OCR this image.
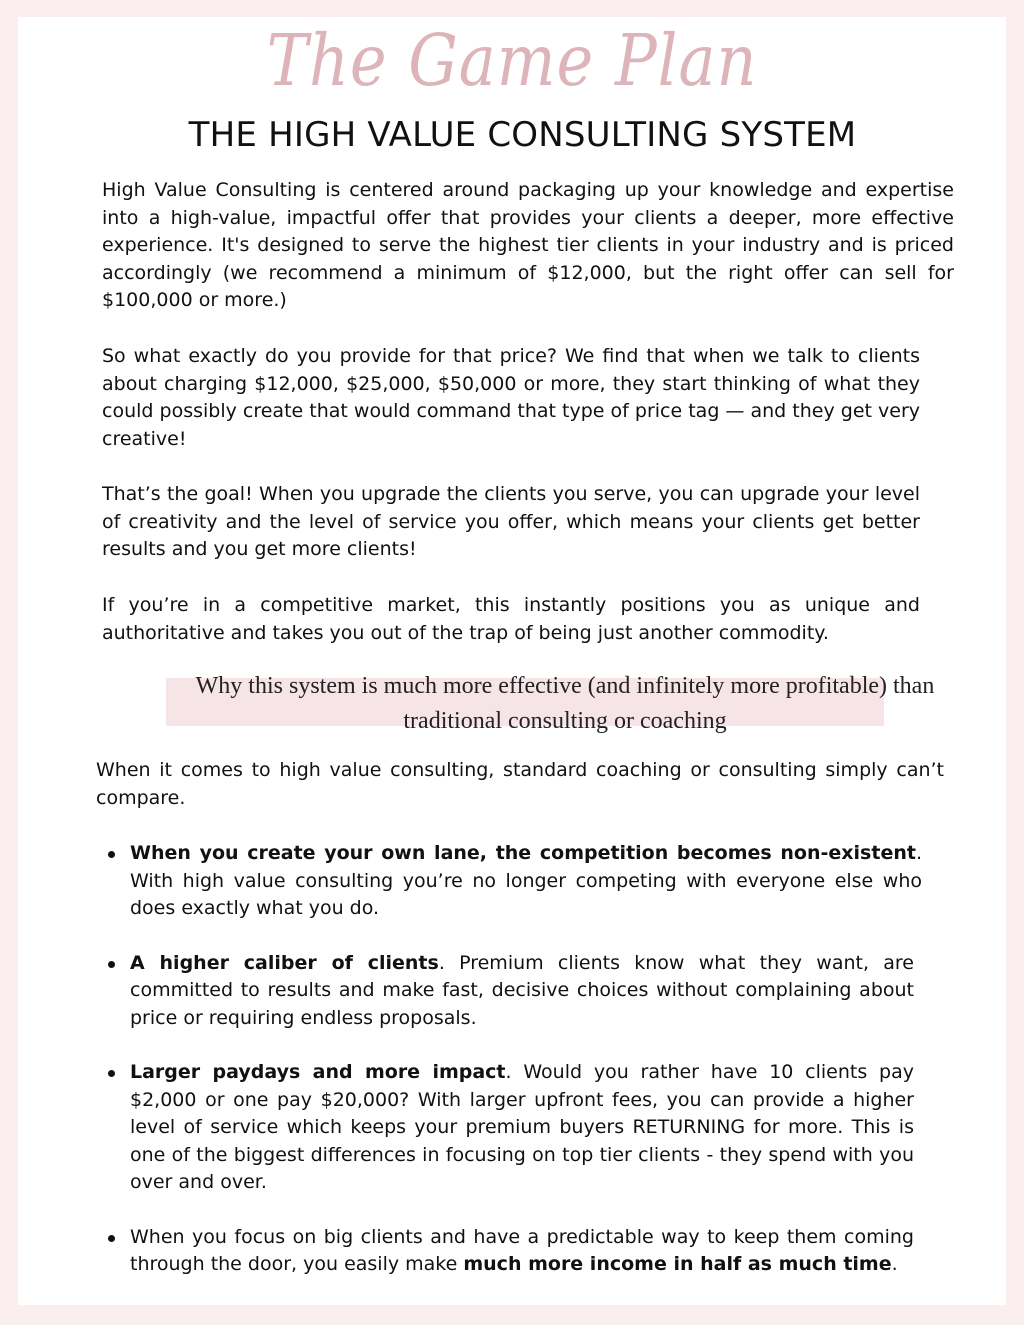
The Game Plan
THE HIGH VALUE CONSULTING SYSTEM
High Value Consulting is centered around packaging up your knowledge and expertise into a high-value, impactful offer that provides your clients a deeper, more effective experience. It's designed to serve the highest tier clients in your industry and is priced accordingly (we recommend a minimum of $12,000, but the right offer can sell for $100,000 or more.)
So what exactly do you provide for that price? We find that when we talk to clients about charging $12,000, $25,000, $50,000 or more, they start thinking of what they could possibly create that would command that type of price tag — and they get very creative!
That’s the goal! When you upgrade the clients you serve, you can upgrade your level of creativity and the level of service you offer, which means your clients get better results and you get more clients!
If you’re in a competitive market, this instantly positions you as unique and authoritative and takes you out of the trap of being just another commodity.
Why this system is much more effective (and infinitely more profitable) than traditional consulting or coaching
When it comes to high value consulting, standard coaching or consulting simply can’t compare.
When you create your own lane, the competition becomes non-existent. With high value consulting you’re no longer competing with everyone else who does exactly what you do.
A higher caliber of clients. Premium clients know what they want, are committed to results and make fast, decisive choices without complaining about price or requiring endless proposals.
Larger paydays and more impact. Would you rather have 10 clients pay $2,000 or one pay $20,000? With larger upfront fees, you can provide a higher level of service which keeps your premium buyers RETURNING for more. This is one of the biggest differences in focusing on top tier clients - they spend with you over and over.
When you focus on big clients and have a predictable way to keep them coming through the door, you easily make much more income in half as much time.
